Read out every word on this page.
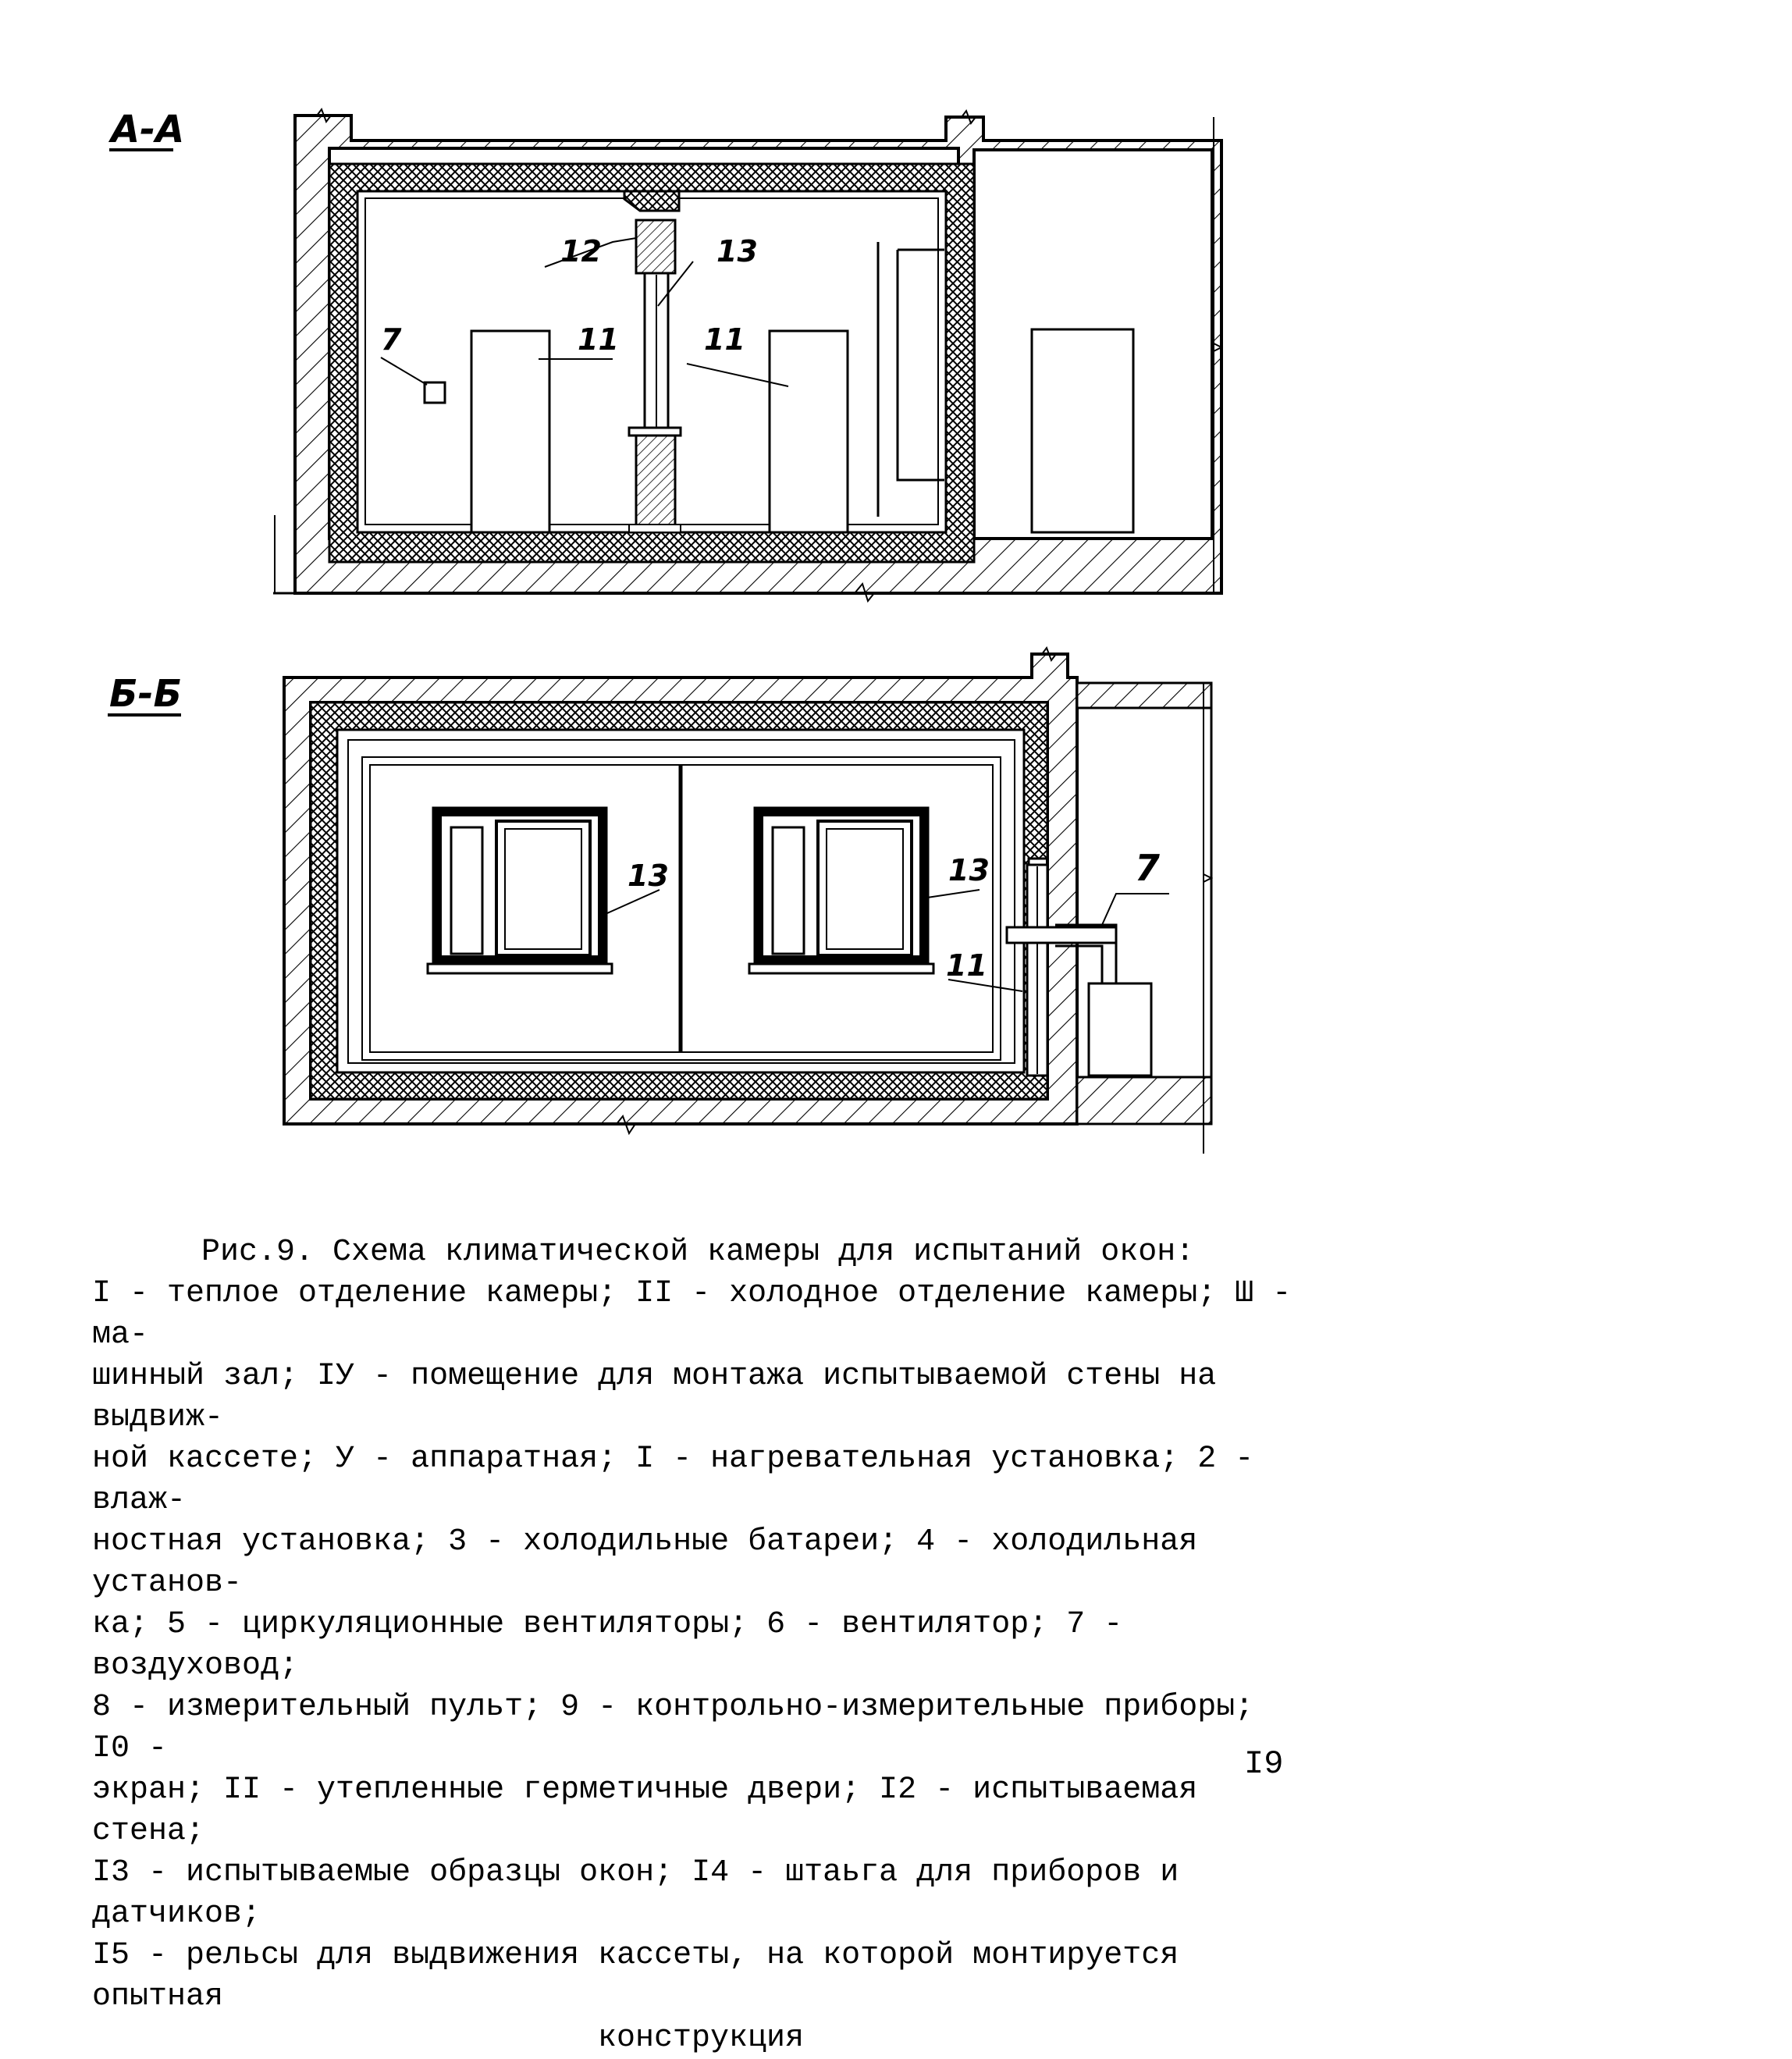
A-A
12	13
7	11	11
Б-Б
13	13	7
11
Рис.9. Схема климатической камеры для испытаний окон:
I - теплое отделение камеры; II - холодное отделение камеры; Ш - ма-
шинный зал; IУ - помещение для монтажа испытываемой стены на выдвиж-
ной кассете; У - аппаратная; I - нагревательная установка; 2 - влаж-
ностная установка; 3 - холодильные батареи; 4 - холодильная установ-
ка; 5 - циркуляционные вентиляторы; 6 - вентилятор; 7 - воздуховод;
8 - измерительный пульт; 9 - контрольно-измерительные приборы; I0 -
экран; II - утепленные герметичные двери; I2 - испытываемая стена;
I3 - испытываемые образцы окон; I4 - штаьга для приборов и датчиков;
I5 - рельсы для выдвижения кассеты, на которой монтируется опытная
конструкция
I9
